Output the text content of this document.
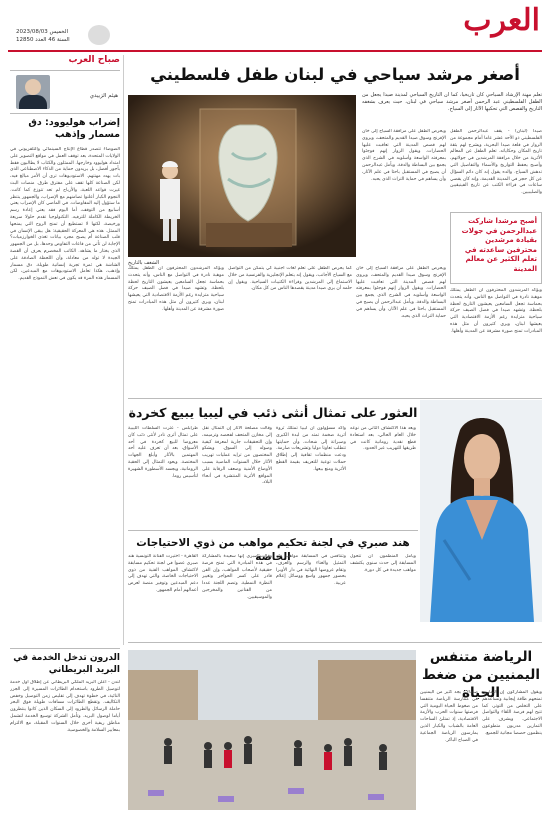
العرب
الخميس 2023/08/03
السنة 46 العدد 12850
صباح العرب
هيثم الزبيدي
إضراب هوليوود: دق مسمار وإذهب
الضوضاء تتصدر قطاع الإنتاج السينمائي والتلفزيوني في الولايات المتحدة، بعد توقف العمل في مواقع التصوير على امتداد هوليوود وخارجها. الممثلون والكتاب لا يطالبون فقط بأجور أفضل، بل يريدون حماية من الذكاء الاصطناعي الذي بات يهدد مهنتهم. الاستوديوهات ترى أن الأمر مبالغ فيه، لكن الصناعة كلها تقف على مفترق طرق. منصات البث غيرت قواعد اللعبة، والأرباح لم تعد تتوزع كما كانت. النجوم الكبار أعلنوا تضامنهم مع الإضراب، والجمهور ينتظر ما ستؤول إليه المفاوضات. في الماضي كان الإضراب يعني أسابيع من التوقف، أما اليوم فقد يعني إعادة رسم الخريطة الكاملة للترفيه. التكنولوجيا تقدم حلولا سريعة ورخيصة، لكنها لا تستطيع أن تمنح الروح التي يمنحها الممثل. هذه هي المعركة الحقيقية: هل يبقى الإنسان في قلب الصناعة أم يصبح مجرد بيانات تغذي الخوارزميات؟ الإجابة لن تأتي من قاعات التفاوض وحدها، بل من الجمهور الذي يختار ما يشاهد. الكاتب المخضرم يعرف أن القصة الجيدة لا تولد من معادلة، وأن اللحظة الصادقة على الشاشة هي ثمرة تجربة إنسانية طويلة. دق مسمار وإذهب، هكذا تعامل الاستوديوهات مع المبدعين، لكن المسمار هذه المرة قد يكون في نعش النموذج القديم.
أصغر مرشد سياحي في لبنان طفل فلسطيني
تعلم مهنة الإرشاد السياحي كان تاريخيا، كما أن التاريخ السياحي لمدينة صيدا يجعل من الطفل الفلسطيني عبد الرحمن أصغر مرشد سياحي في لبنان، حيث يعرف بشغفه التاريخ والقصص التي تحكيها الآثار إلى السياح.
الشغف بالتاريخ
صيدا (لبنان) - يقف عبدالرحمن الطفل الفلسطيني ذو الأحد عشر عاما أمام مجموعة من الزوار في قلعة صيدا البحرية، ويشرح لهم بثقة تاريخ المكان وحكاياته. تعلم الطفل عن المعالم الأثرية من خلال مرافقة المرشدين في جولاتهم، وأصبح يحفظ التواريخ والأسماء والتفاصيل التي تدهش السياح. والده يقول إنه كان دائم السؤال عن كل حجر في المدينة القديمة، وإنه كان يقضي ساعات في قراءة الكتب عن تاريخ الفينيقيين والصليبيين.
ويحرص الطفل على مرافقة السياح إلى خان الإفرنج وسوق صيدا القديم والمتحف، ويروي لهم قصص المدينة التي تعاقبت عليها الحضارات. ويقول الزوار إنهم فوجئوا بمعرفته الواسعة وأسلوبه في الشرح الذي يجمع بين البساطة والدقة. ويأمل عبدالرحمن أن يصبح في المستقبل باحثا في علم الآثار، وأن يساهم في حماية التراث الذي يحبه.
أصبح مرشدا شاركت عبدالرحمن في جولات بقيادة مرشدين محترفين ساعدته في تعلم الكثير عن معالم المدينة
ويؤكد المرشدون المحترفون أن الطفل يمتلك موهبة نادرة في التواصل مع الناس، وأنه يتحدث بحماسة تجعل السامعين يعيشون التاريخ لحظة بلحظة. وتشهد صيدا في فصل الصيف حركة سياحية متزايدة رغم الأزمة الاقتصادية التي يعيشها لبنان، ويرى كثيرون أن مثل هذه المبادرات تمنح صورة مشرقة عن المدينة وأهلها.
كما يحرص الطفل على تعلم لغات أجنبية كي يتمكن من التواصل مع السياح الأجانب، ويقول إنه يتعلم الإنجليزية والفرنسية من خلال الاستماع إلى المرشدين وقراءة الكتيبات السياحية. ويقول إن حلمه أن يرى صيدا مدينة يقصدها الناس من كل مكان.
ويحرص الطفل على مرافقة السياح إلى خان الإفرنج وسوق صيدا القديم والمتحف، ويروي لهم قصص المدينة التي تعاقبت عليها الحضارات. ويقول الزوار إنهم فوجئوا بمعرفته الواسعة وأسلوبه في الشرح الذي يجمع بين البساطة والدقة. ويأمل عبدالرحمن أن يصبح في المستقبل باحثا في علم الآثار، وأن يساهم في حماية التراث الذي يحبه.
ويؤكد المرشدون المحترفون أن الطفل يمتلك موهبة نادرة في التواصل مع الناس، وأنه يتحدث بحماسة تجعل السامعين يعيشون التاريخ لحظة بلحظة. وتشهد صيدا في فصل الصيف حركة سياحية متزايدة رغم الأزمة الاقتصادية التي يعيشها لبنان، ويرى كثيرون أن مثل هذه المبادرات تمنح صورة مشرقة عن المدينة وأهلها.
العثور على تمثال أنثى ذئب في ليبيا يبيع كخردة
طرابلس - عثرت السلطات الليبية على تمثال أثري نادر لأنثى ذئب كان معروضا للبيع كخردة في أحد الأسواق، بعد أن تعرف عليه أحد المهتمين بالآثار وأبلغ الجهات المختصة. ويعود التمثال إلى الحقبة الرومانية، ويجسد الأسطورة الشهيرة لتأسيس روما.
وقالت مصلحة الآثار إن التمثال نقل إلى مخازن المتحف لفحصه وترميمه، وإن التحقيقات جارية لمعرفة كيفية وصوله إلى السوق. ويشكو المختصون من تزايد عمليات تهريب الآثار خلال السنوات الماضية بسبب الأوضاع الأمنية وضعف الرقابة على المواقع الأثرية المنتشرة في أنحاء البلاد.
وأكد مسؤولون أن ليبيا تمتلك ثروة أثرية ضخمة تمتد من لبدة الكبرى وصبراتة إلى شحات، وأن حمايتها تتطلب تعاونا دوليا وتشريعات صارمة. ودعت منظمات ثقافية إلى إطلاق حملات توعية للتعريف بقيمة القطع الأثرية ومنع بيعها.
ويعد هذا الاكتشاف الثاني من نوعه خلال العام الحالي، بعد استعادة قطع نقدية رومانية كانت في طريقها للتهريب عبر الحدود.
هند صبري في لجنة تحكيم مواهب من ذوي الاحتياجات الخاصة
القاهرة - اختيرت الفنانة التونسية هند صبري عضوا في لجنة تحكيم مسابقة لاكتشاف المواهب الفنية من ذوي الاحتياجات الخاصة، والتي تهدف إلى دعم المبدعين وتوفير منصة لعرض أعمالهم أمام الجمهور.
وقالت صبري إنها سعيدة بالمشاركة في هذه المبادرة التي تمنح فرصة حقيقية لأصحاب المواهب، وإن الفن قادر على كسر الحواجز وتغيير النظرة النمطية. وتضم اللجنة عددا من الفنانين والمخرجين والموسيقيين.
وتتنافس في المسابقة مواهب في التمثيل والغناء والرسم والعزف، وتقام عروضها النهائية في دار الأوبرا بحضور جمهور واسع ووسائل إعلام عربية.
ويأمل المنظمون أن تتحول المسابقة إلى حدث سنوي يكتشف مواهب جديدة في كل دورة.
الرياضة متنفس اليمنيين من ضغط الحياة
صنعاء - يجد كثير من اليمنيين في ممارسة الرياضة متنفسا من ضغوط الحياة اليومية التي فرضتها سنوات الحرب والأزمة الاقتصادية، إذ تمتلئ الساحات العامة بالشباب والكبار الذين يمارسون الرياضة الجماعية في الصباح الباكر.
ويقول المشاركون إن التمارين تمنحهم طاقة إيجابية وتساعدهم على التخلص من التوتر، كما تتيح لهم فرصة اللقاء والتواصل الاجتماعي. ويشرف على التمارين مدربون متطوعون ينظمون حصصا مجانية للجميع.
الدرون تدخل الخدمة في البريد البريطاني
لندن - أعلن البريد الملكي البريطاني عن إطلاق أول خدمة لتوصيل الطرود باستخدام الطائرات المسيرة إلى الجزر النائية، في خطوة تهدف إلى تقليص زمن التوصيل وخفض التكاليف. وتقطع الطائرات مسافات طويلة فوق البحر حاملة الرسائل والطرود إلى السكان الذين كانوا ينتظرون أياما لوصول البريد. وتأمل الشركة توسيع الخدمة لتشمل مناطق ريفية أخرى خلال السنوات المقبلة، مع الالتزام بمعايير السلامة والخصوصية.
